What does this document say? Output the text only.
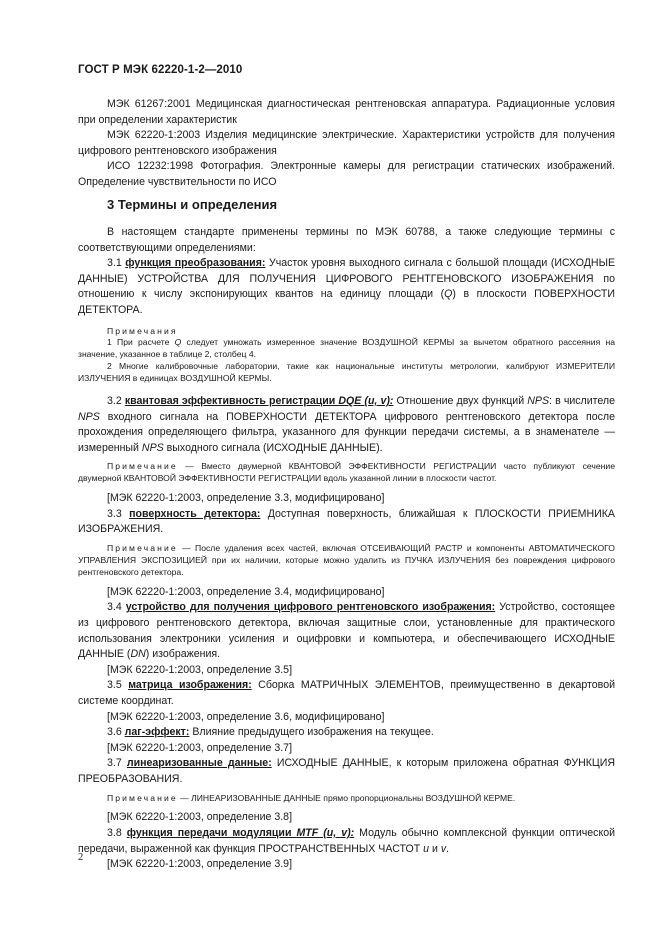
ГОСТ Р МЭК 62220-1-2—2010

МЭК 61267:2001 Медицинская диагностическая рентгеновская аппаратура. Радиационные условия при определении характеристик

МЭК 62220-1:2003 Изделия медицинские электрические. Характеристики устройств для получения цифрового рентгеновского изображения

ИСО 12232:1998 Фотография. Электронные камеры для регистрации статических изображений. Определение чувствительности по ИСО

3 Термины и определения

В настоящем стандарте применены термины по МЭК 60788, а также следующие термины с соответствующими определениями:

3.1 функция преобразования: Участок уровня выходного сигнала с большой площади (ИСХОДНЫЕ ДАННЫЕ) УСТРОЙСТВА ДЛЯ ПОЛУЧЕНИЯ ЦИФРОВОГО РЕНТГЕНОВСКОГО ИЗОБРАЖЕНИЯ по отношению к числу экспонирующих квантов на единицу площади (Q) в плоскости ПОВЕРХНОСТИ ДЕТЕКТОРА.

Примечания

1 При расчете Q следует умножать измеренное значение ВОЗДУШНОЙ КЕРМЫ за вычетом обратного рассеяния на значение, указанное в таблице 2, столбец 4.

2 Многие калибровочные лаборатории, такие как национальные институты метрологии, калибруют ИЗМЕРИТЕЛИ ИЗЛУЧЕНИЯ в единицах ВОЗДУШНОЙ КЕРМЫ.

3.2 квантовая эффективность регистрации DQE (u, v): Отношение двух функций NPS: в числителе NPS входного сигнала на ПОВЕРХНОСТИ ДЕТЕКТОРА цифрового рентгеновского детектора после прохождения определяющего фильтра, указанного для функции передачи системы, а в знаменателе — измеренный NPS выходного сигнала (ИСХОДНЫЕ ДАННЫЕ).

Примечание — Вместо двумерной КВАНТОВОЙ ЭФФЕКТИВНОСТИ РЕГИСТРАЦИИ часто публикуют сечение двумерной КВАНТОВОЙ ЭФФЕКТИВНОСТИ РЕГИСТРАЦИИ вдоль указанной линии в плоскости частот.

[МЭК 62220-1:2003, определение 3.3, модифицировано]

3.3 поверхность детектора: Доступная поверхность, ближайшая к ПЛОСКОСТИ ПРИЕМНИКА ИЗОБРАЖЕНИЯ.

Примечание — После удаления всех частей, включая ОТСЕИВАЮЩИЙ РАСТР и компоненты АВТОМАТИЧЕСКОГО УПРАВЛЕНИЯ ЭКСПОЗИЦИЕЙ при их наличии, которые можно удалить из ПУЧКА ИЗЛУЧЕНИЯ без повреждения цифрового рентгеновского детектора.

[МЭК 62220-1:2003, определение 3.4, модифицировано]

3.4 устройство для получения цифрового рентгеновского изображения: Устройство, состоящее из цифрового рентгеновского детектора, включая защитные слои, установленные для практического использования электроники усиления и оцифровки и компьютера, и обеспечивающего ИСХОДНЫЕ ДАННЫЕ (DN) изображения.

[МЭК 62220-1:2003, определение 3.5]

3.5 матрица изображения: Сборка МАТРИЧНЫХ ЭЛЕМЕНТОВ, преимущественно в декартовой системе координат.

[МЭК 62220-1:2003, определение 3.6, модифицировано]

3.6 лаг-эффект: Влияние предыдущего изображения на текущее.

[МЭК 62220-1:2003, определение 3.7]

3.7 линеаризованные данные: ИСХОДНЫЕ ДАННЫЕ, к которым приложена обратная ФУНКЦИЯ ПРЕОБРАЗОВАНИЯ.

Примечание — ЛИНЕАРИЗОВАННЫЕ ДАННЫЕ прямо пропорциональны ВОЗДУШНОЙ КЕРМЕ.

[МЭК 62220-1:2003, определение 3.8]

3.8 функция передачи модуляции MTF (u, v): Модуль обычно комплексной функции оптической передачи, выраженной как функция ПРОСТРАНСТВЕННЫХ ЧАСТОТ u и v.

[МЭК 62220-1:2003, определение 3.9]

2
